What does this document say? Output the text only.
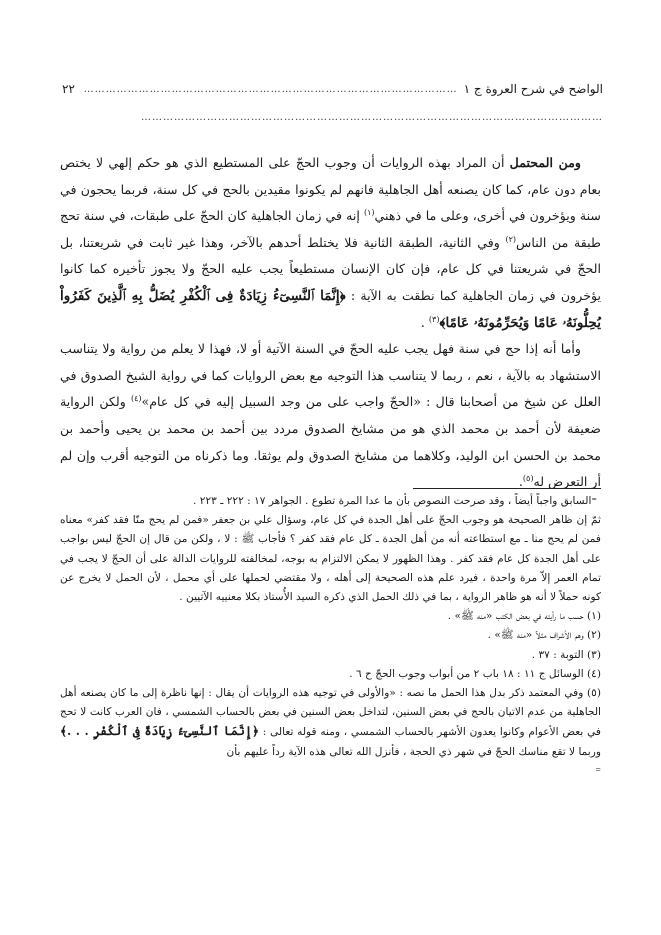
الواضح في شرح العروة ج ١
…………………………………………………………………………………………
٢٢
………………………………………………………………………………………………………………

ومن المحتمل أن المراد بهذه الروايات أن وجوب الحجّ على المستطيع الذي هو حكم إلهي لا يختص بعام دون عام، كما كان يصنعه أهل الجاهلية فانهم لم يكونوا مقيدين بالحج في كل سنة، فربما يحجون في سنة ويؤخرون في أخرى، وعلى ما في ذهني$^{(١)}$ إنه في زمان الجاهلية كان الحجّ على طبقات، في سنة تحج طبقة من الناس$^{(٢)}$ وفي الثانية، الطبقة الثانية فلا يختلط أحدهم بالآخر، وهذا غير ثابت في شريعتنا، بل الحجّ في شريعتنا في كل عام، فإن كان الإنسان مستطيعاً يجب عليه الحجّ ولا يجوز تأخيره كما كانوا يؤخرون في زمان الجاهلية كما نطقت به الآية : ﴿إِنَّمَا ٱلنَّسِىٓءُ زِيَادَةٌ فِى ٱلْكُفْرِ يُضَلُّ بِهِ ٱلَّذِينَ كَفَرُواْ يُحِلُّونَهُۥ عَامًا وَيُحَرِّمُونَهُۥ عَامًا﴾$^{(٣)}$ .

وأما أنه إذا حج في سنة فهل يجب عليه الحجّ في السنة الآتية أو لا، فهذا لا يعلم من رواية ولا يتناسب الاستشهاد به بالآية ، نعم ، ربما لا يتناسب هذا التوجيه مع بعض الروايات كما في رواية الشيخ الصدوق في العلل عن شيخ من أصحابنا قال : «الحجّ واجب على من وجد السبيل إليه في كل عام»$^{(٤)}$ ولكن الرواية ضعيفة لأن أحمد بن محمد الذي هو من مشايخ الصدوق مردد بين أحمد بن محمد بن يحيى وأحمد بن محمد بن الحسن ابن الوليد، وكلاهما من مشايخ الصدوق ولم يوثقا. وما ذكرناه من التوجيه أقرب وإن لم أر التعرض له$^{(٥)}$.

⁼السابق واجباً أيضاً ، وقد صرحت النصوص بأن ما عدا المرة تطوع . الجواهر ١٧ : ٢٢٢ ـ ٢٢٣ .

ثمّ إن ظاهر الصحيحة هو وجوب الحجّ على أهل الجدة في كل عام، وسؤال علي بن جعفر «فمن لم يحج منّا فقد كفر» معناه فمن لم يحج منا ـ مع استطاعته أنه من أهل الجدة ـ كل عام فقد كفر ؟ فأجاب ﷺ : لا ، ولكن من قال إن الحجّ ليس بواجب على أهل الجدة كل عام فقد كفر . وهذا الظهور لا يمكن الالتزام به بوجه، لمخالفته للروايات الدالة على أن الحجّ لا يجب في تمام العمر إلاّ مرة واحدة ، فيرد علم هذه الصحيحة إلى أهله ، ولا مقتضي لحملها على أي محمل ، لأن الحمل لا يخرج عن كونه حملاً لا أنه هو ظاهر الرواية ، بما في ذلك الحمل الذي ذكره السيد الأُستاذ بكلا معنييه الآتيين .

(١) حسب ما رأيته في بعض الكتب «منه ﷺ» .

(٢) وهم الأشراف مثلاً «منه ﷺ» .

(٣) التوبة : ٣٧ .

(٤) الوسائل ج ١١ : ١٨ باب ٢ من أبواب وجوب الحجّ ح ٦ .

(٥) وفي المعتمد ذكر بدل هذا الحمل ما نصه : «والأولى في توجيه هذه الروايات أن يقال : إنها ناظرة إلى ما كان يصنعه أهل الجاهلية من عدم الاتيان بالحج في بعض السنين، لتداخل بعض السنين في بعض بالحساب الشمسي ، فان العرب كانت لا تحج في بعض الأعوام وكانوا يعدون الأشهر بالحساب الشمسي ، ومنه قوله تعالى : ﴿إِنَّمَا ٱلنَّسِىٓءُ زِيَادَةٌ فِى ٱلْكُفْرِ . . .﴾ وربما لا تقع مناسك الحجّ في شهر ذي الحجة ، فأنزل الله تعالى هذه الآية رداً عليهم بأن

⁼
